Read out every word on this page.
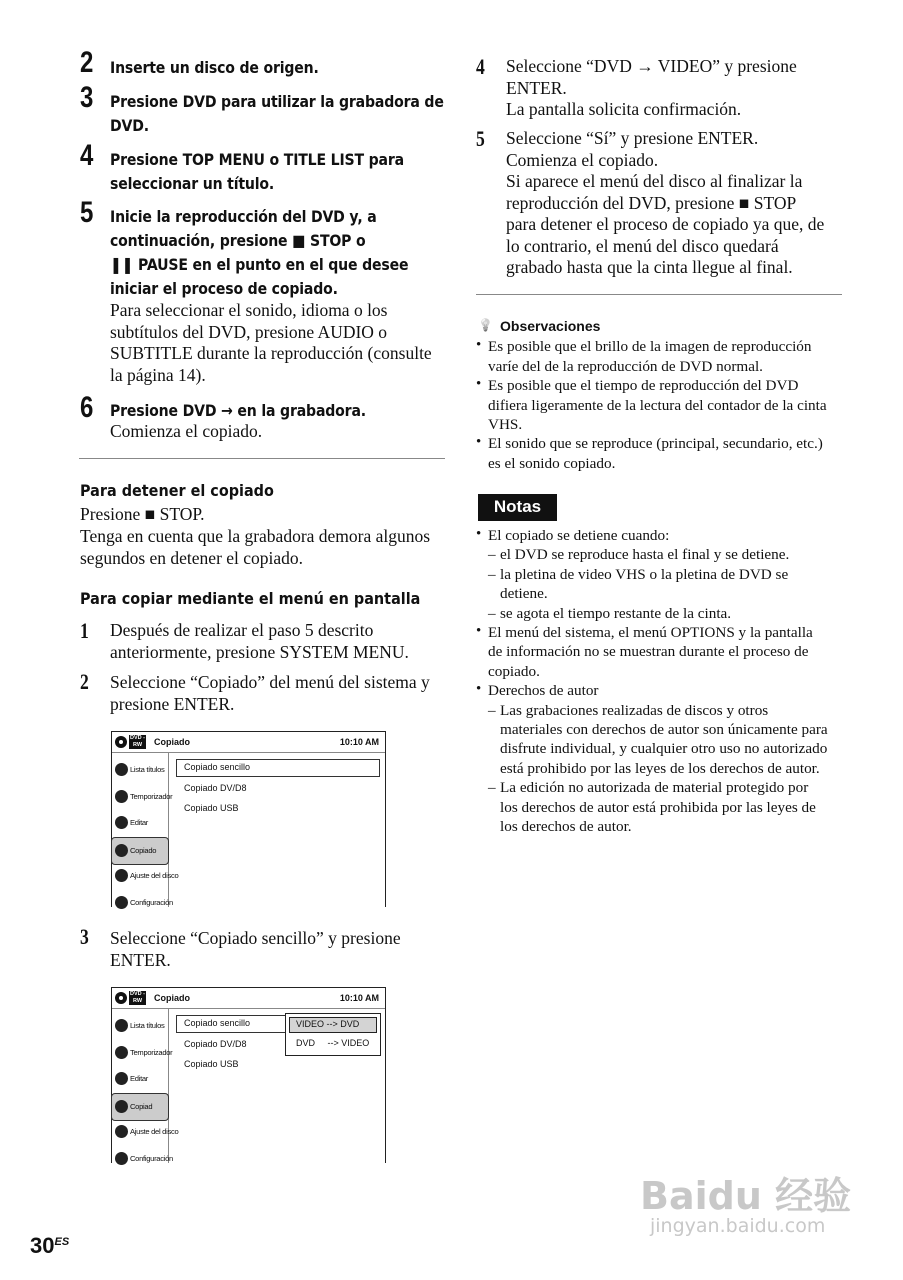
2 Inserte un disco de origen.
3 Presione DVD para utilizar la grabadora de
DVD.
4 Presione TOP MENU o TITLE LIST para
seleccionar un título.
5 Inicie la reproducción del DVD y, a
continuación, presione ■ STOP o
❚❚ PAUSE en el punto en el que desee
iniciar el proceso de copiado.
Para seleccionar el sonido, idioma o los
subtítulos del DVD, presione AUDIO o
SUBTITLE durante la reproducción (consulte
la página 14).
6 Presione DVD → en la grabadora.
Comienza el copiado.
Para detener el copiado
Presione ■ STOP.
Tenga en cuenta que la grabadora demora algunos
segundos en detener el copiado.
Para copiar mediante el menú en pantalla
1 Después de realizar el paso 5 descrito
anteriormente, presione SYSTEM MENU.
2 Seleccione “Copiado” del menú del sistema y
presione ENTER.
3 Seleccione “Copiado sencillo” y presione
ENTER.
DVD -RW	Copiado	10:10 AM
Lista títulos
Temporizador
Editar
Copiado
Ajuste del disco
Configuración
Copiado sencillo
Copiado DV/D8
Copiado USB
DVD -RW	Copiado	10:10 AM
Lista títulos
Temporizador
Editar
Copiad
Ajuste del disco
Configuración
Copiado sencillo
Copiado DV/D8
Copiado USB
VIDEO --> DVD
DVD     --> VIDEO
4 Seleccione “DVD → VIDEO” y presione
ENTER.
La pantalla solicita confirmación.
5 Seleccione “Sí” y presione ENTER.
Comienza el copiado.
Si aparece el menú del disco al finalizar la
reproducción del DVD, presione ■ STOP
para detener el proceso de copiado ya que, de
lo contrario, el menú del disco quedará
grabado hasta que la cinta llegue al final.
💡 Observaciones
• Es posible que el brillo de la imagen de reproducción
varíe del de la reproducción de DVD normal.
• Es posible que el tiempo de reproducción del DVD
difiera ligeramente de la lectura del contador de la cinta
VHS.
• El sonido que se reproduce (principal, secundario, etc.)
es el sonido copiado.
Notas
• El copiado se detiene cuando:
– el DVD se reproduce hasta el final y se detiene.
– la pletina de video VHS o la pletina de DVD se
detiene.
– se agota el tiempo restante de la cinta.
• El menú del sistema, el menú OPTIONS y la pantalla
de información no se muestran durante el proceso de
copiado.
• Derechos de autor
– Las grabaciones realizadas de discos y otros
materiales con derechos de autor son únicamente para
disfrute individual, y cualquier otro uso no autorizado
está prohibido por las leyes de los derechos de autor.
– La edición no autorizada de material protegido por
los derechos de autor está prohibida por las leyes de
los derechos de autor.
$30^{ES}$
Baidu 经验
jingyan.baidu.com
